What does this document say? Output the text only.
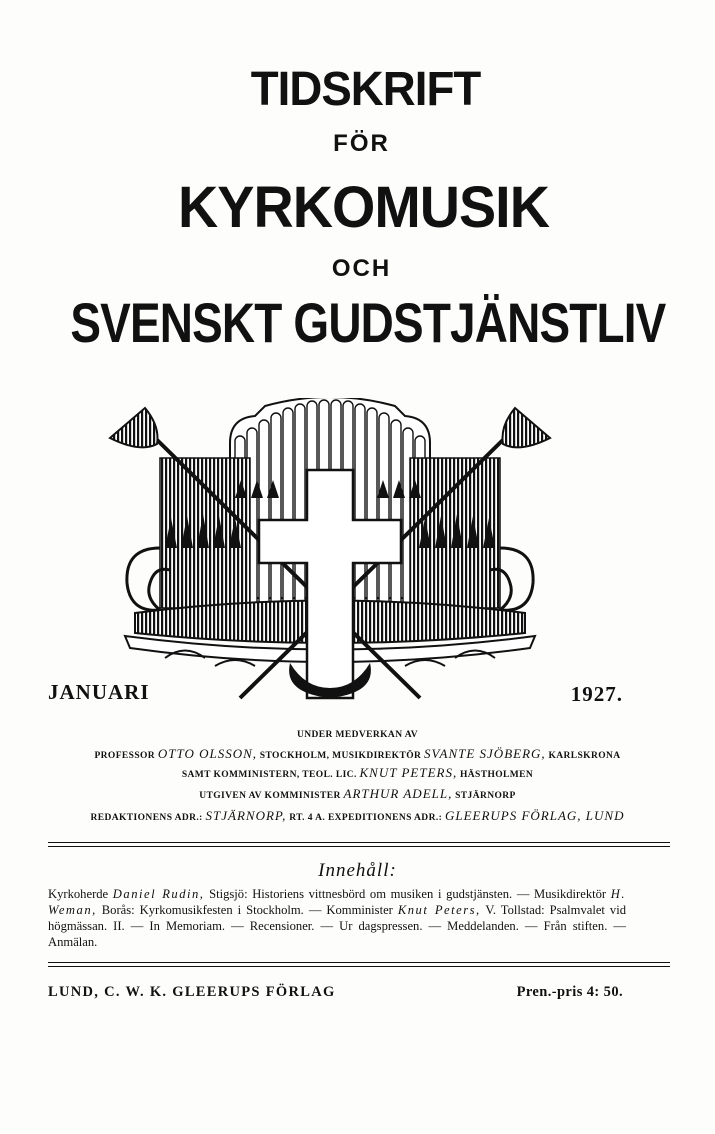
TIDSKRIFT
FÖR
KYRKOMUSIK
OCH
SVENSKT GUDSTJÄNSTLIV
JANUARI	1927.
UNDER MEDVERKAN AV
PROFESSOR OTTO OLSSON, STOCKHOLM, MUSIKDIREKTÖR SVANTE SJÖBERG, KARLSKRONA
SAMT KOMMINISTERN, TEOL. LIC. KNUT PETERS, HÄSTHOLMEN
UTGIVEN AV KOMMINISTER ARTHUR ADELL, STJÄRNORP
REDAKTIONENS ADR.: STJÄRNORP, RT. 4 A. EXPEDITIONENS ADR.: GLEERUPS FÖRLAG, LUND
Innehåll:
Kyrkoherde Daniel Rudin, Stigsjö: Historiens vittnesbörd om musiken i gudstjänsten. — Musikdirektör H. Weman, Borås: Kyrkomusikfesten i Stockholm. — Komminister Knut Peters, V. Tollstad: Psalmvalet vid högmässan. II. — In Memoriam. — Recensioner. — Ur dagspressen. — Meddelanden. — Från stiften. — Anmälan.
LUND, C. W. K. GLEERUPS FÖRLAG	Pren.-pris 4: 50.
